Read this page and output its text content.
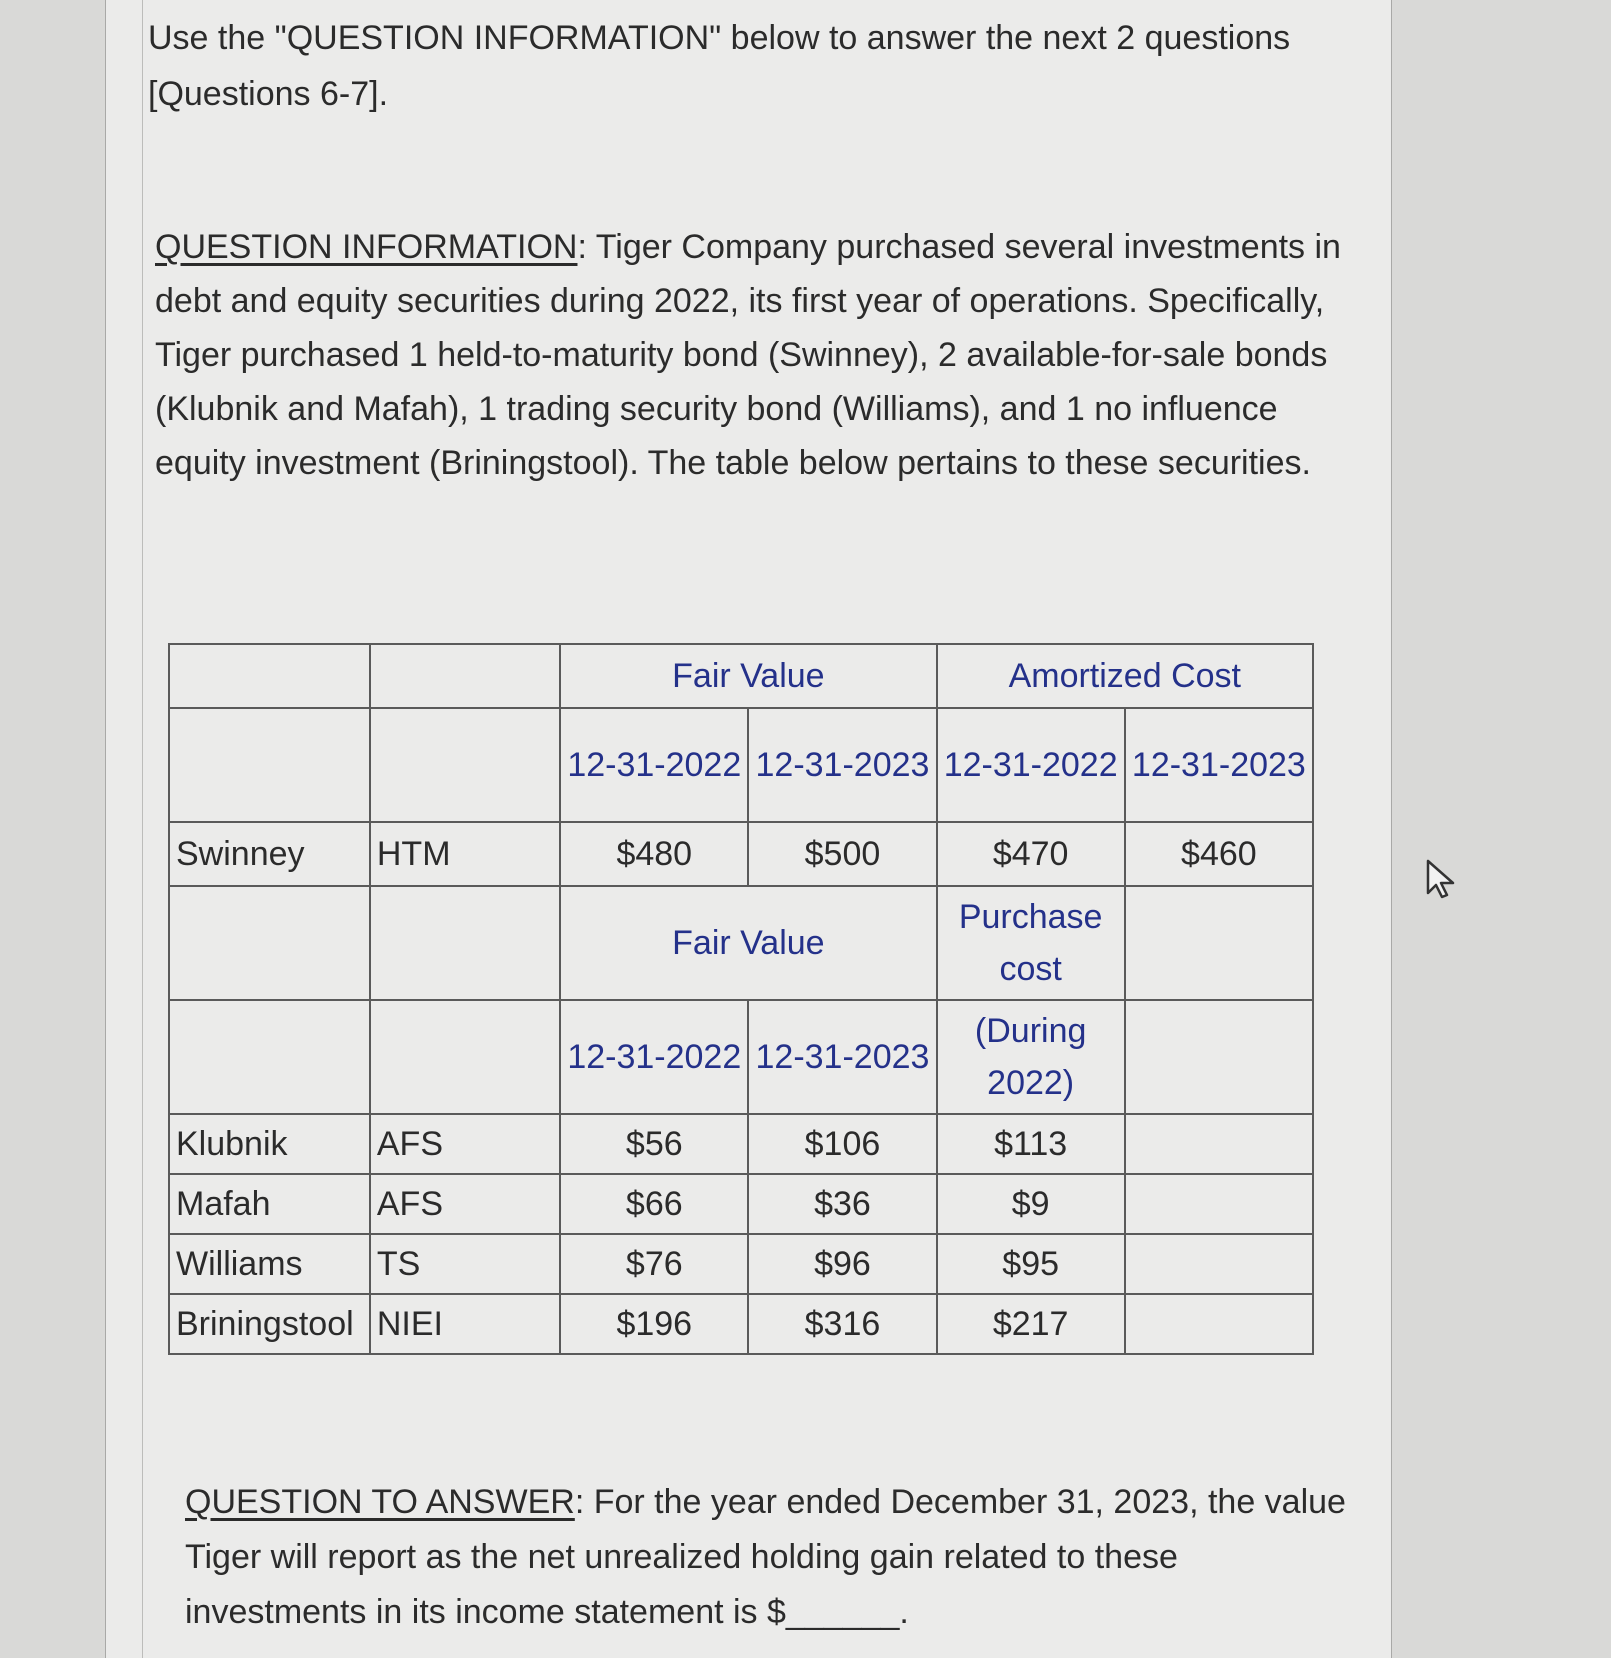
Use the "QUESTION INFORMATION" below to answer the next 2 questions [Questions 6-7].
QUESTION INFORMATION: Tiger Company purchased several investments in debt and equity securities during 2022, its first year of operations. Specifically, Tiger purchased 1 held-to-maturity bond (Swinney), 2 available-for-sale bonds (Klubnik and Mafah), 1 trading security bond (Williams), and 1 no influence equity investment (Briningstool). The table below pertains to these securities.
		Fair Value		Amortized Cost	
		12-31-2022	12-31-2023	12-31-2022	12-31-2023
Swinney	HTM	$480	$500	$470	$460
		Fair Value		Purchase cost	
		12-31-2022	12-31-2023	(During 2022)	
Klubnik	AFS	$56	$106	$113	
Mafah	AFS	$66	$36	$9	
Williams	TS	$76	$96	$95	
Briningstool	NIEI	$196	$316	$217	
QUESTION TO ANSWER: For the year ended December 31, 2023, the value Tiger will report as the net unrealized holding gain related to these investments in its income statement is $______.
